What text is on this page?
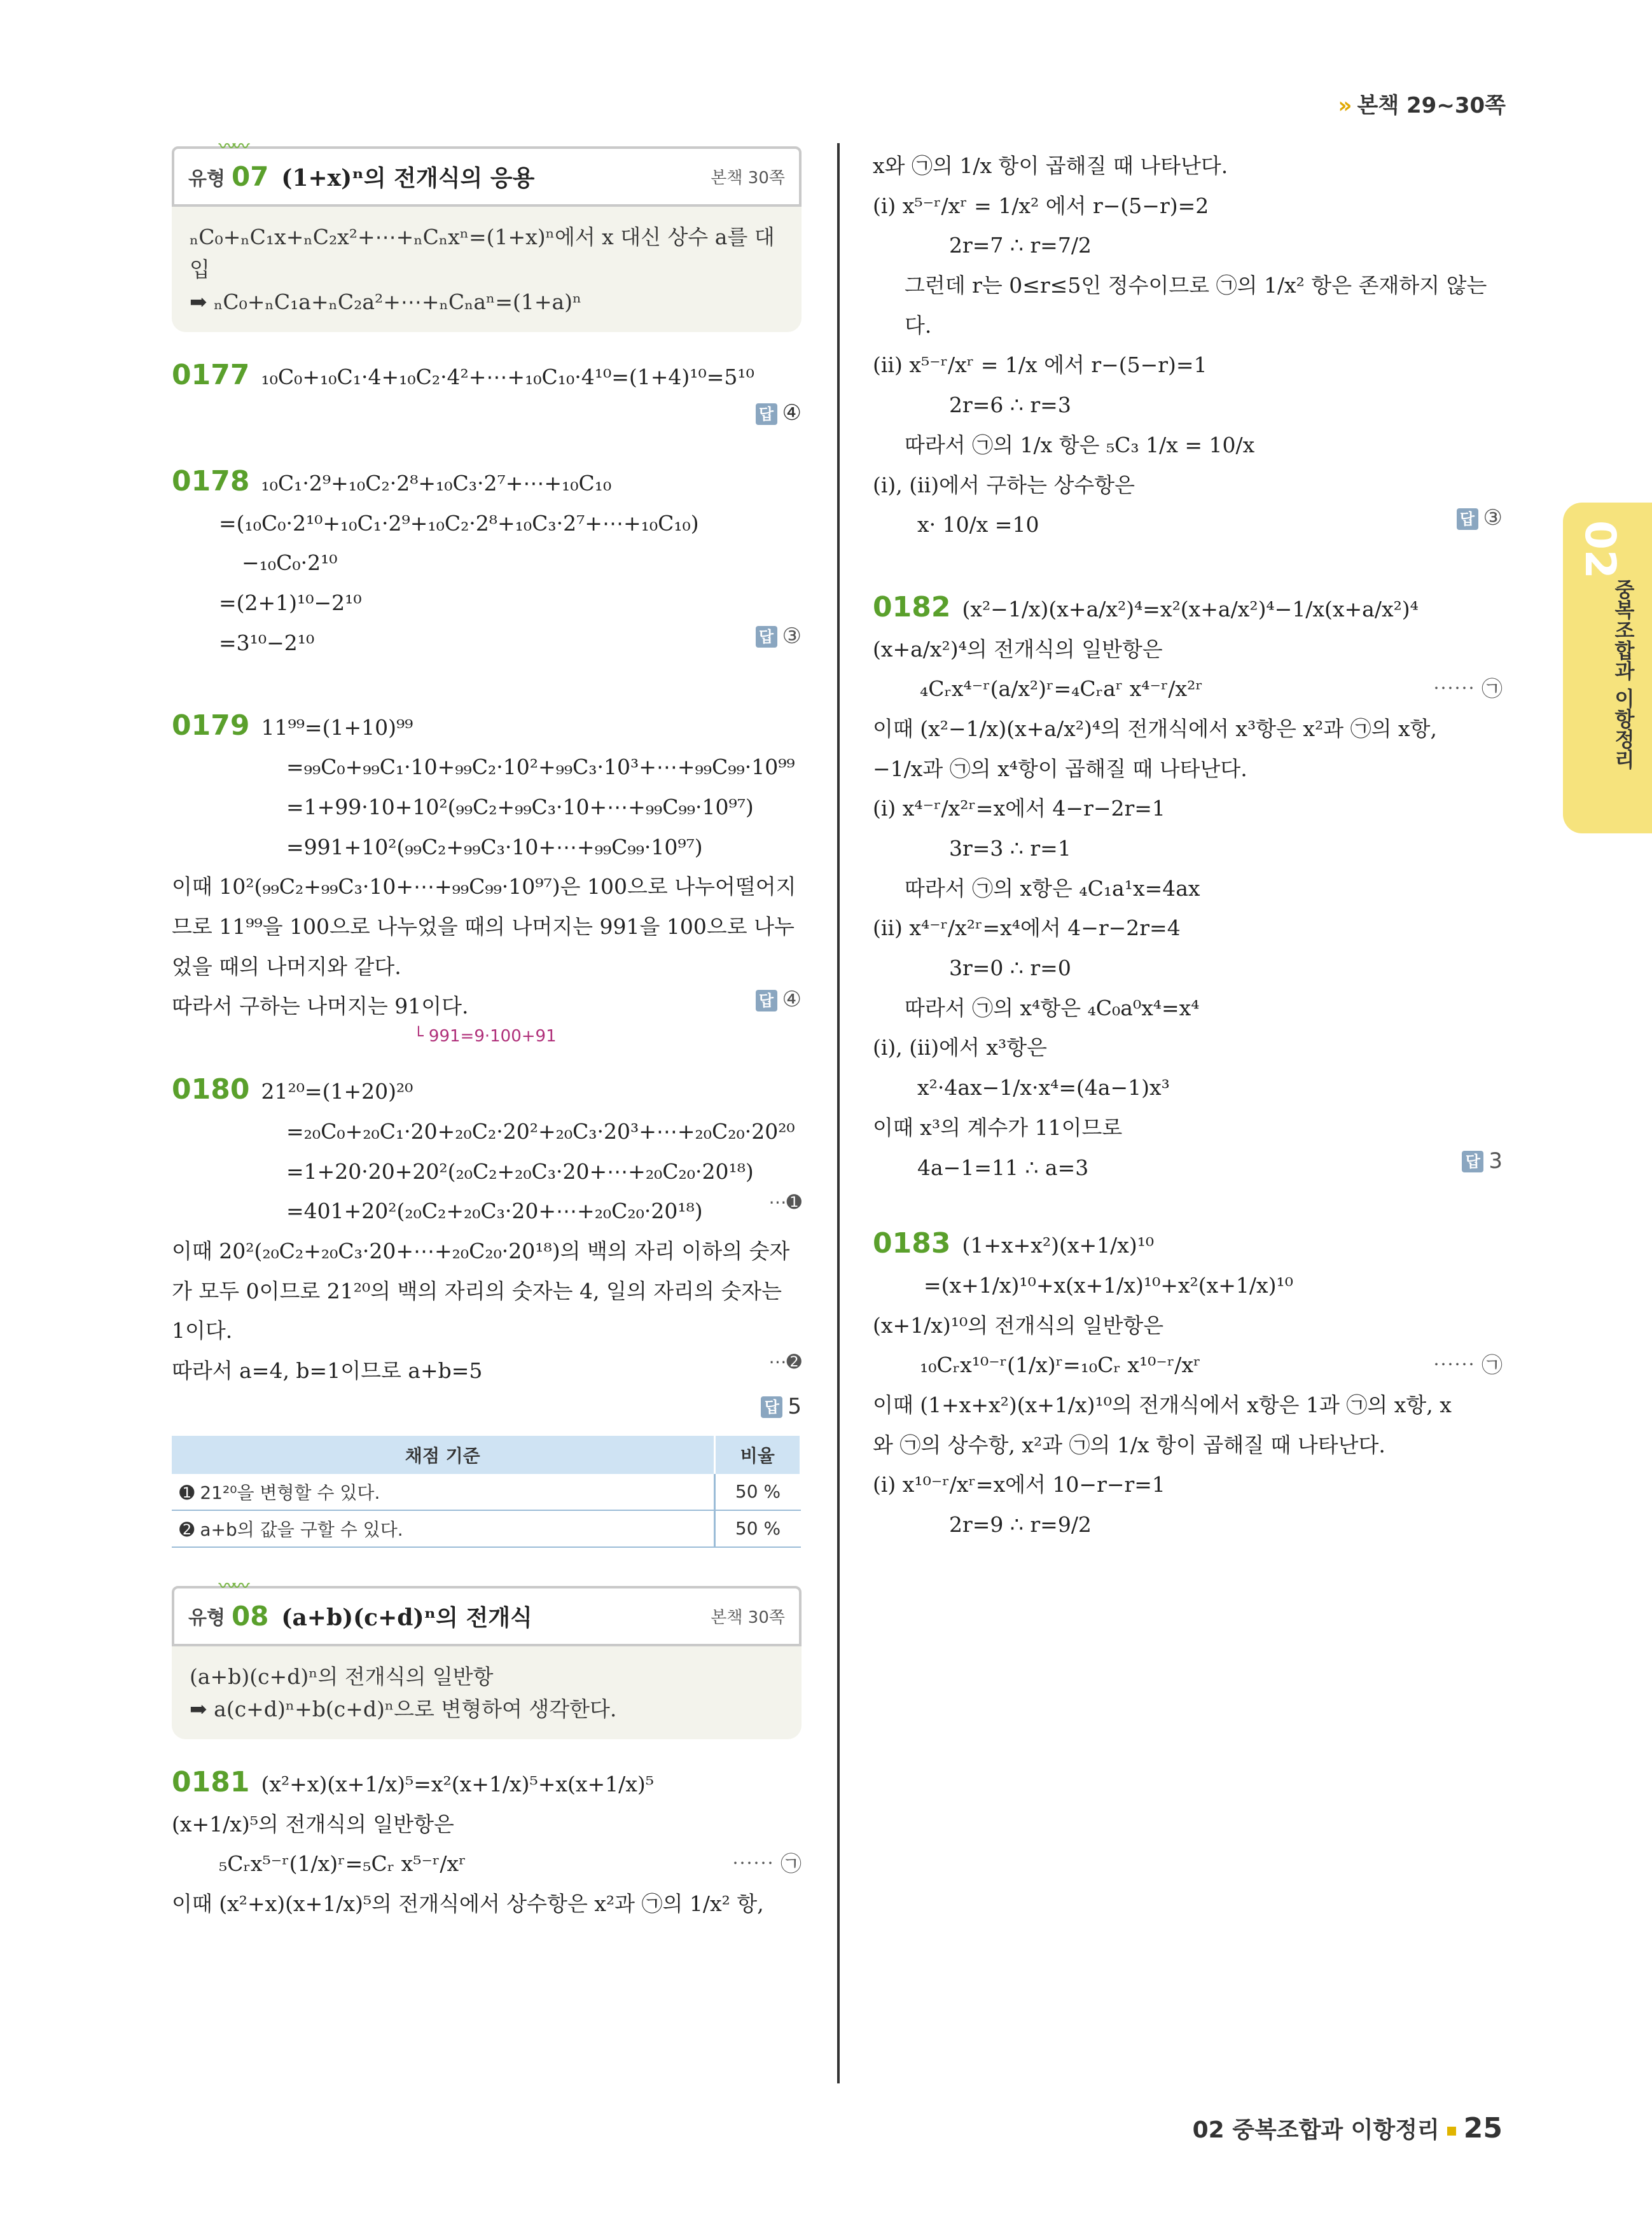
» 본책 29~30쪽
02
중복조합과 이항정리
〰〰
유형 07 (1+x)ⁿ의 전개식의 응용	본책 30쪽
ₙC₀+ₙC₁x+ₙC₂x²+⋯+ₙCₙxⁿ=(1+x)ⁿ에서 x 대신 상수 a를 대입
➡ ₙC₀+ₙC₁a+ₙC₂a²+⋯+ₙCₙaⁿ=(1+a)ⁿ
0177 ₁₀C₀+₁₀C₁·4+₁₀C₂·4²+⋯+₁₀C₁₀·4¹⁰=(1+4)¹⁰=5¹⁰
답 ④
0178 ₁₀C₁·2⁹+₁₀C₂·2⁸+₁₀C₃·2⁷+⋯+₁₀C₁₀
=(₁₀C₀·2¹⁰+₁₀C₁·2⁹+₁₀C₂·2⁸+₁₀C₃·2⁷+⋯+₁₀C₁₀)
−₁₀C₀·2¹⁰
=(2+1)¹⁰−2¹⁰
=3¹⁰−2¹⁰	답 ③
0179 11⁹⁹=(1+10)⁹⁹
=₉₉C₀+₉₉C₁·10+₉₉C₂·10²+₉₉C₃·10³+⋯+₉₉C₉₉·10⁹⁹
=1+99·10+10²(₉₉C₂+₉₉C₃·10+⋯+₉₉C₉₉·10⁹⁷)
=991+10²(₉₉C₂+₉₉C₃·10+⋯+₉₉C₉₉·10⁹⁷)
이때 10²(₉₉C₂+₉₉C₃·10+⋯+₉₉C₉₉·10⁹⁷)은 100으로 나누어떨어지므로 11⁹⁹을 100으로 나누었을 때의 나머지는 991을 100으로 나누었을 때의 나머지와 같다.
따라서 구하는 나머지는 91이다.	답 ④
└ 991=9·100+91
0180 21²⁰=(1+20)²⁰
=₂₀C₀+₂₀C₁·20+₂₀C₂·20²+₂₀C₃·20³+⋯+₂₀C₂₀·20²⁰
=1+20·20+20²(₂₀C₂+₂₀C₃·20+⋯+₂₀C₂₀·20¹⁸)
=401+20²(₂₀C₂+₂₀C₃·20+⋯+₂₀C₂₀·20¹⁸)	⋯➊
이때 20²(₂₀C₂+₂₀C₃·20+⋯+₂₀C₂₀·20¹⁸)의 백의 자리 이하의 숫자가 모두 0이므로 21²⁰의 백의 자리의 숫자는 4, 일의 자리의 숫자는 1이다.
따라서 a=4, b=1이므로 a+b=5	⋯➋
답 5
채점 기준	비율
➊ 21²⁰을 변형할 수 있다.	50 %
➋ a+b의 값을 구할 수 있다.	50 %
〰〰
유형 08 (a+b)(c+d)ⁿ의 전개식	본책 30쪽
(a+b)(c+d)ⁿ의 전개식의 일반항
➡ a(c+d)ⁿ+b(c+d)ⁿ으로 변형하여 생각한다.
0181 (x²+x)(x+1/x)⁵=x²(x+1/x)⁵+x(x+1/x)⁵
(x+1/x)⁵의 전개식의 일반항은
₅Cᵣx⁵⁻ʳ(1/x)ʳ=₅Cᵣ x⁵⁻ʳ/xʳ	⋯⋯ ㉠
이때 (x²+x)(x+1/x)⁵의 전개식에서 상수항은 x²과 ㉠의 1/x² 항,
x와 ㉠의 1/x 항이 곱해질 때 나타난다.
(ⅰ) x⁵⁻ʳ/xʳ = 1/x² 에서 r−(5−r)=2
2r=7 ∴ r=7/2
그런데 r는 0≤r≤5인 정수이므로 ㉠의 1/x² 항은 존재하지 않는다.
(ⅱ) x⁵⁻ʳ/xʳ = 1/x 에서 r−(5−r)=1
2r=6 ∴ r=3
따라서 ㉠의 1/x 항은 ₅C₃ 1/x = 10/x
(ⅰ), (ⅱ)에서 구하는 상수항은
x· 10/x =10	답 ③
0182 (x²−1/x)(x+a/x²)⁴=x²(x+a/x²)⁴−1/x(x+a/x²)⁴
(x+a/x²)⁴의 전개식의 일반항은
₄Cᵣx⁴⁻ʳ(a/x²)ʳ=₄Cᵣaʳ x⁴⁻ʳ/x²ʳ	⋯⋯ ㉠
이때 (x²−1/x)(x+a/x²)⁴의 전개식에서 x³항은 x²과 ㉠의 x항,
−1/x과 ㉠의 x⁴항이 곱해질 때 나타난다.
(ⅰ) x⁴⁻ʳ/x²ʳ=x에서 4−r−2r=1
3r=3 ∴ r=1
따라서 ㉠의 x항은 ₄C₁a¹x=4ax
(ⅱ) x⁴⁻ʳ/x²ʳ=x⁴에서 4−r−2r=4
3r=0 ∴ r=0
따라서 ㉠의 x⁴항은 ₄C₀a⁰x⁴=x⁴
(ⅰ), (ⅱ)에서 x³항은
x²·4ax−1/x·x⁴=(4a−1)x³
이때 x³의 계수가 11이므로
4a−1=11 ∴ a=3	답 3
0183 (1+x+x²)(x+1/x)¹⁰
=(x+1/x)¹⁰+x(x+1/x)¹⁰+x²(x+1/x)¹⁰
(x+1/x)¹⁰의 전개식의 일반항은
₁₀Cᵣx¹⁰⁻ʳ(1/x)ʳ=₁₀Cᵣ x¹⁰⁻ʳ/xʳ	⋯⋯ ㉠
이때 (1+x+x²)(x+1/x)¹⁰의 전개식에서 x항은 1과 ㉠의 x항, x
와 ㉠의 상수항, x²과 ㉠의 1/x 항이 곱해질 때 나타난다.
(ⅰ) x¹⁰⁻ʳ/xʳ=x에서 10−r−r=1
2r=9 ∴ r=9/2
02 중복조합과 이항정리 25
